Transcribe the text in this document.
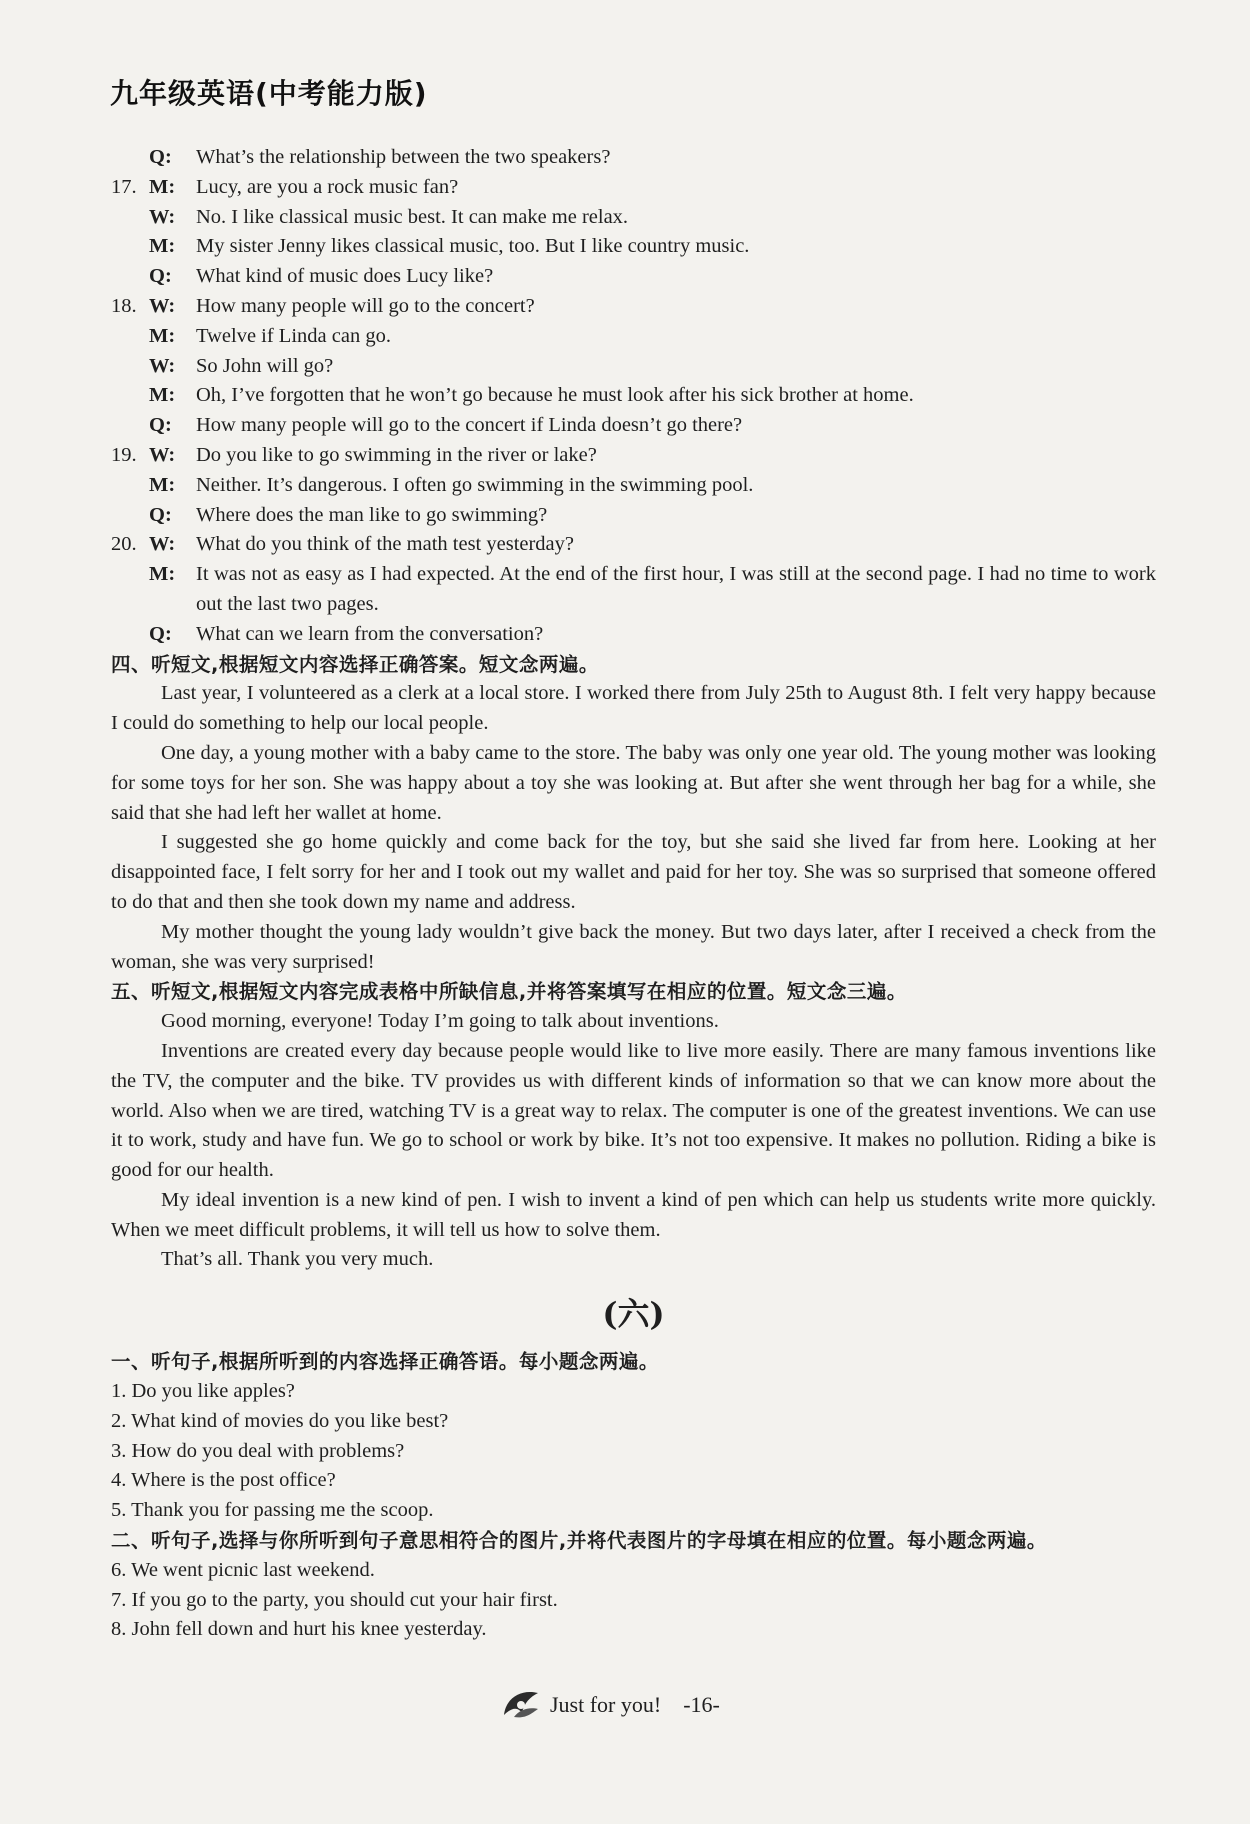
九年级英语(中考能力版)
Q: What’s the relationship between the two speakers?
17. M: Lucy, are you a rock music fan?
W: No. I like classical music best. It can make me relax.
M: My sister Jenny likes classical music, too. But I like country music.
Q: What kind of music does Lucy like?
18. W: How many people will go to the concert?
M: Twelve if Linda can go.
W: So John will go?
M: Oh, I’ve forgotten that he won’t go because he must look after his sick brother at home.
Q: How many people will go to the concert if Linda doesn’t go there?
19. W: Do you like to go swimming in the river or lake?
M: Neither. It’s dangerous. I often go swimming in the swimming pool.
Q: Where does the man like to go swimming?
20. W: What do you think of the math test yesterday?
M: It was not as easy as I had expected. At the end of the first hour, I was still at the second page. I had no time to work out the last two pages.
Q: What can we learn from the conversation?
四、听短文,根据短文内容选择正确答案。短文念两遍。

Last year, I volunteered as a clerk at a local store. I worked there from July 25th to August 8th. I felt very happy because I could do something to help our local people.

One day, a young mother with a baby came to the store. The baby was only one year old. The young mother was looking for some toys for her son. She was happy about a toy she was looking at. But after she went through her bag for a while, she said that she had left her wallet at home.

I suggested she go home quickly and come back for the toy, but she said she lived far from here. Looking at her disappointed face, I felt sorry for her and I took out my wallet and paid for her toy. She was so surprised that someone offered to do that and then she took down my name and address.

My mother thought the young lady wouldn’t give back the money. But two days later, after I received a check from the woman, she was very surprised!

五、听短文,根据短文内容完成表格中所缺信息,并将答案填写在相应的位置。短文念三遍。

Good morning, everyone! Today I’m going to talk about inventions.

Inventions are created every day because people would like to live more easily. There are many famous inventions like the TV, the computer and the bike. TV provides us with different kinds of information so that we can know more about the world. Also when we are tired, watching TV is a great way to relax. The computer is one of the greatest inventions. We can use it to work, study and have fun. We go to school or work by bike. It’s not too expensive. It makes no pollution. Riding a bike is good for our health.

My ideal invention is a new kind of pen. I wish to invent a kind of pen which can help us students write more quickly. When we meet difficult problems, it will tell us how to solve them.

That’s all. Thank you very much.

(六)
一、听句子,根据所听到的内容选择正确答语。每小题念两遍。
1. Do you like apples?
2. What kind of movies do you like best?
3. How do you deal with problems?
4. Where is the post office?
5. Thank you for passing me the scoop.
二、听句子,选择与你所听到句子意思相符合的图片,并将代表图片的字母填在相应的位置。每小题念两遍。
6. We went picnic last weekend.
7. If you go to the party, you should cut your hair first.
8. John fell down and hurt his knee yesterday.
Just for you! -16-
